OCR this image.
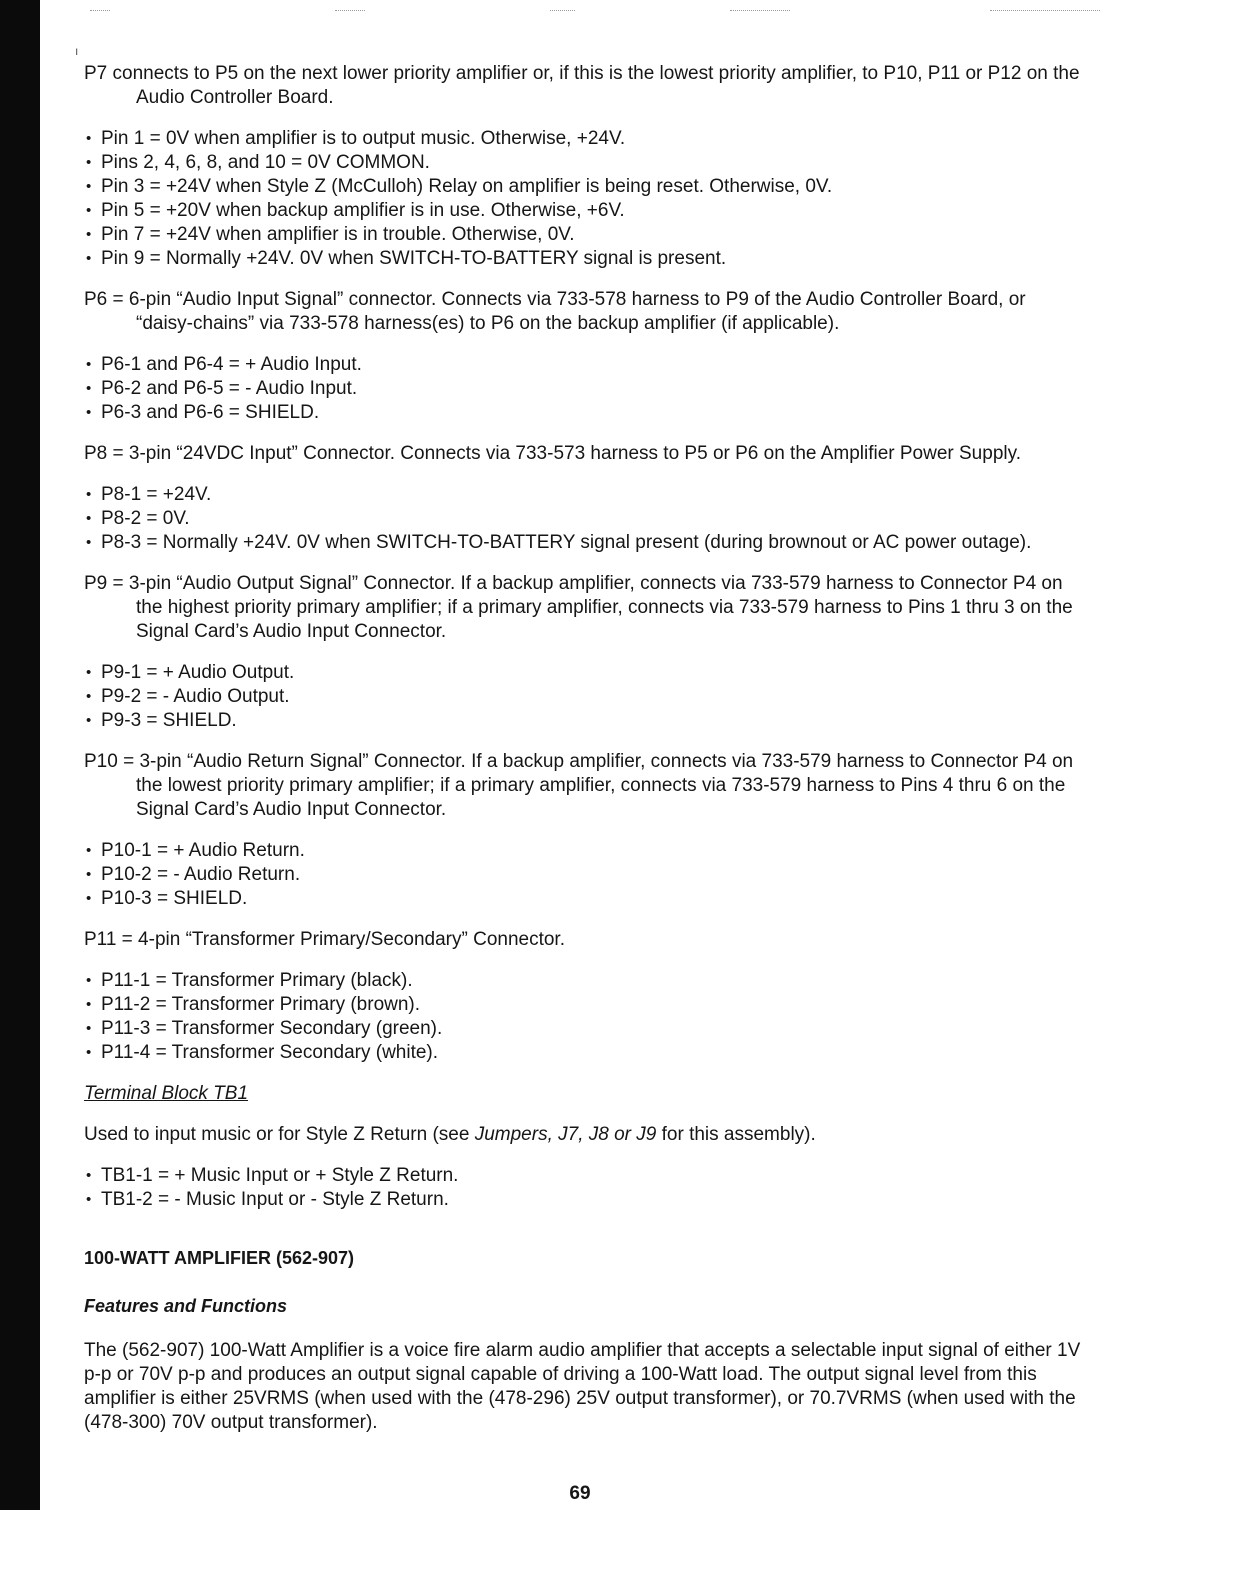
ı

P7 connects to P5 on the next lower priority amplifier or, if this is the lowest priority amplifier, to P10, P11 or P12 on the Audio Controller Board.

• Pin 1 = 0V when amplifier is to output music. Otherwise, +24V.
• Pins 2, 4, 6, 8, and 10 = 0V COMMON.
• Pin 3 = +24V when Style Z (McCulloh) Relay on amplifier is being reset. Otherwise, 0V.
• Pin 5 = +20V when backup amplifier is in use. Otherwise, +6V.
• Pin 7 = +24V when amplifier is in trouble. Otherwise, 0V.
• Pin 9 = Normally +24V. 0V when SWITCH-TO-BATTERY signal is present.

P6 = 6-pin “Audio Input Signal” connector. Connects via 733-578 harness to P9 of the Audio Controller Board, or “daisy-chains” via 733-578 harness(es) to P6 on the backup amplifier (if applicable).

• P6-1 and P6-4 = + Audio Input.
• P6-2 and P6-5 = - Audio Input.
• P6-3 and P6-6 = SHIELD.

P8 = 3-pin “24VDC Input” Connector. Connects via 733-573 harness to P5 or P6 on the Amplifier Power Supply.

• P8-1 = +24V.
• P8-2 = 0V.
• P8-3 = Normally +24V. 0V when SWITCH-TO-BATTERY signal present (during brownout or AC power outage).

P9 = 3-pin “Audio Output Signal” Connector. If a backup amplifier, connects via 733-579 harness to Connector P4 on the highest priority primary amplifier; if a primary amplifier, connects via 733-579 harness to Pins 1 thru 3 on the Signal Card’s Audio Input Connector.

• P9-1 = + Audio Output.
• P9-2 = - Audio Output.
• P9-3 = SHIELD.

P10 = 3-pin “Audio Return Signal” Connector. If a backup amplifier, connects via 733-579 harness to Connector P4 on the lowest priority primary amplifier; if a primary amplifier, connects via 733-579 harness to Pins 4 thru 6 on the Signal Card’s Audio Input Connector.

• P10-1 = + Audio Return.
• P10-2 = - Audio Return.
• P10-3 = SHIELD.

P11 = 4-pin “Transformer Primary/Secondary” Connector.

• P11-1 = Transformer Primary (black).
• P11-2 = Transformer Primary (brown).
• P11-3 = Transformer Secondary (green).
• P11-4 = Transformer Secondary (white).

Terminal Block TB1

Used to input music or for Style Z Return (see Jumpers, J7, J8 or J9 for this assembly).

• TB1-1 = + Music Input or + Style Z Return.
• TB1-2 = - Music Input or - Style Z Return.

100-WATT AMPLIFIER (562-907)

Features and Functions

The (562-907) 100-Watt Amplifier is a voice fire alarm audio amplifier that accepts a selectable input signal of either 1V p-p or 70V p-p and produces an output signal capable of driving a 100-Watt load. The output signal level from this amplifier is either 25VRMS (when used with the (478-296) 25V output transformer), or 70.7VRMS (when used with the (478-300) 70V output transformer).

69
